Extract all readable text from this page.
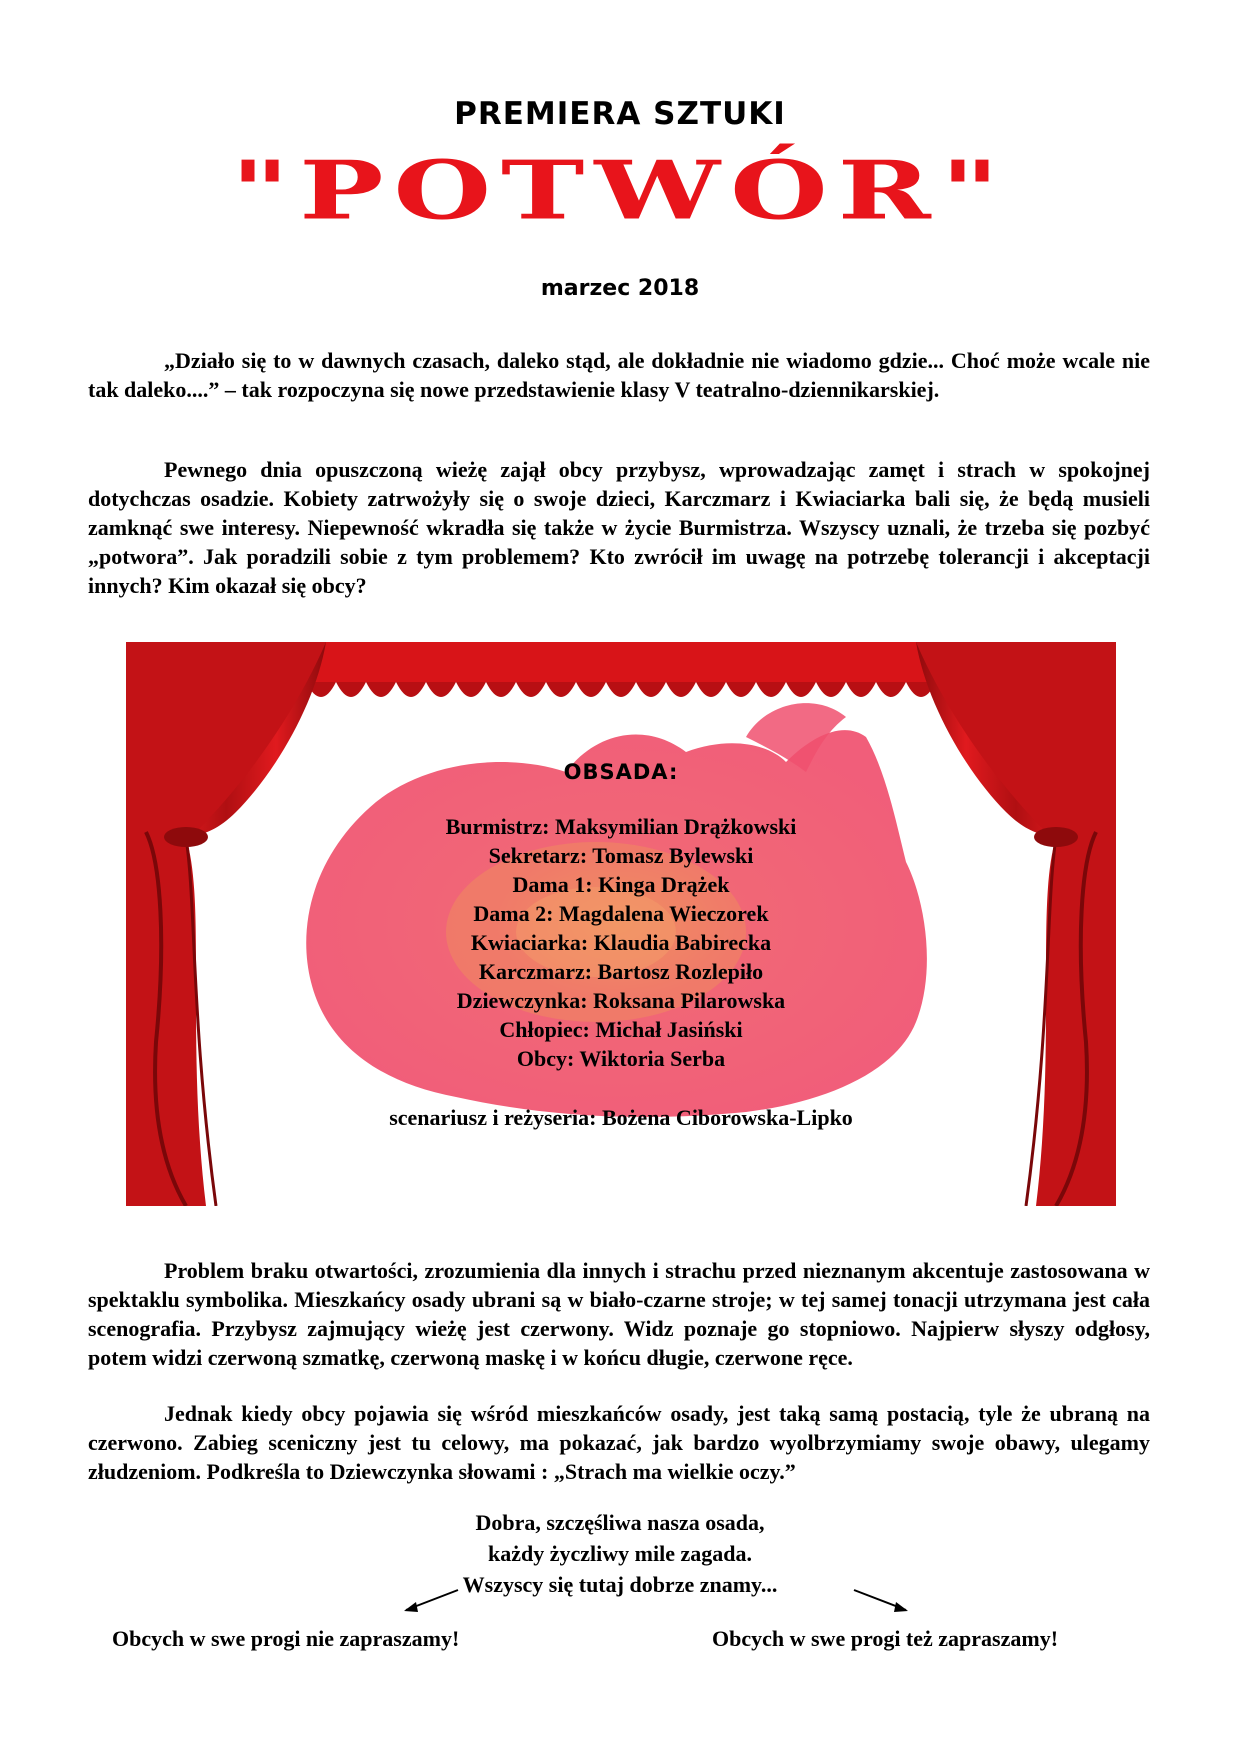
PREMIERA SZTUKI
"POTWÓR"
marzec 2018

„Działo się to w dawnych czasach, daleko stąd, ale dokładnie nie wiadomo gdzie... Choć może wcale nie tak daleko....” – tak rozpoczyna się nowe przedstawienie klasy V teatralno-dziennikarskiej.

Pewnego dnia opuszczoną wieżę zajął obcy przybysz, wprowadzając zamęt i strach w spokojnej dotychczas osadzie. Kobiety zatrwożyły się o swoje dzieci, Karczmarz i Kwiaciarka bali się, że będą musieli zamknąć swe interesy. Niepewność wkradła się także w życie Burmistrza. Wszyscy uznali, że trzeba się pozbyć „potwora”. Jak poradzili sobie z tym problemem? Kto zwrócił im uwagę na potrzebę tolerancji i akceptacji innych? Kim okazał się obcy?

OBSADA:
Burmistrz: Maksymilian Drążkowski
Sekretarz: Tomasz Bylewski
Dama 1: Kinga Drążek
Dama 2: Magdalena Wieczorek
Kwiaciarka: Klaudia Babirecka
Karczmarz: Bartosz Rozlepiło
Dziewczynka: Roksana Pilarowska
Chłopiec: Michał Jasiński
Obcy: Wiktoria Serba
scenariusz i reżyseria: Bożena Ciborowska-Lipko

Problem braku otwartości, zrozumienia dla innych i strachu przed nieznanym akcentuje zastosowana w spektaklu symbolika. Mieszkańcy osady ubrani są w biało-czarne stroje; w tej samej tonacji utrzymana jest cała scenografia. Przybysz zajmujący wieżę jest czerwony. Widz poznaje go stopniowo. Najpierw słyszy odgłosy, potem widzi czerwoną szmatkę, czerwoną maskę i w końcu długie, czerwone ręce.

Jednak kiedy obcy pojawia się wśród mieszkańców osady, jest taką samą postacią, tyle że ubraną na czerwono. Zabieg sceniczny jest tu celowy, ma pokazać, jak bardzo wyolbrzymiamy swoje obawy, ulegamy złudzeniom. Podkreśla to Dziewczynka słowami : „Strach ma wielkie oczy.”

Dobra, szczęśliwa nasza osada,
każdy życzliwy mile zagada.
Wszyscy się tutaj dobrze znamy...
Obcych w swe progi nie zapraszamy!	Obcych w swe progi też zapraszamy!
